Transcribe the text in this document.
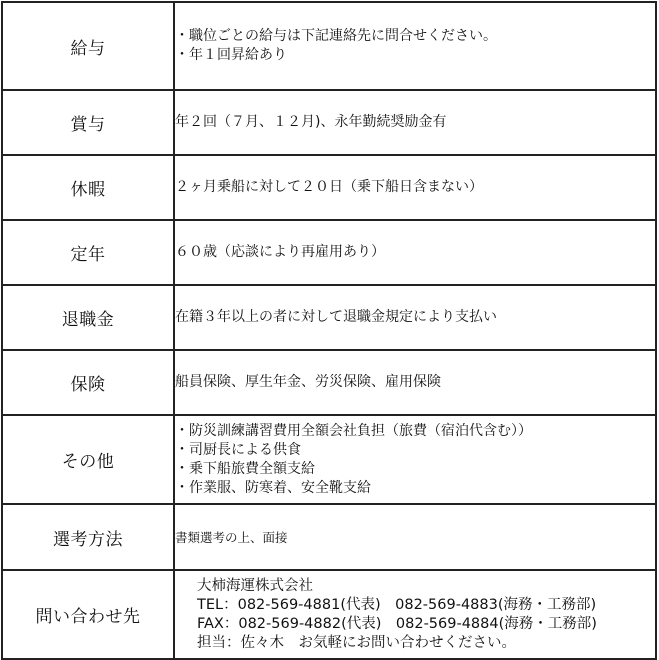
給与	・職位ごとの給与は下記連絡先に問合せください。
・年１回昇給あり

賞与	年２回（７月、１２月)、永年勤続奨励金有

休暇	２ヶ月乗船に対して２０日（乗下船日含まない）

定年	６０歳（応談により再雇用あり）

退職金	在籍３年以上の者に対して退職金規定により支払い

保険	船員保険、厚生年金、労災保険、雇用保険

その他	・防災訓練講習費用全額会社負担（旅費（宿泊代含む））
・司厨長による供食
・乗下船旅費全額支給
・作業服、防寒着、安全靴支給

選考方法	書類選考の上、面接

問い合わせ先	大柿海運株式会社
TEL：082-569-4881(代表)　082-569-4883(海務・工務部)
FAX：082-569-4882(代表)　082-569-4884(海務・工務部)
担当：佐々木　お気軽にお問い合わせください。
